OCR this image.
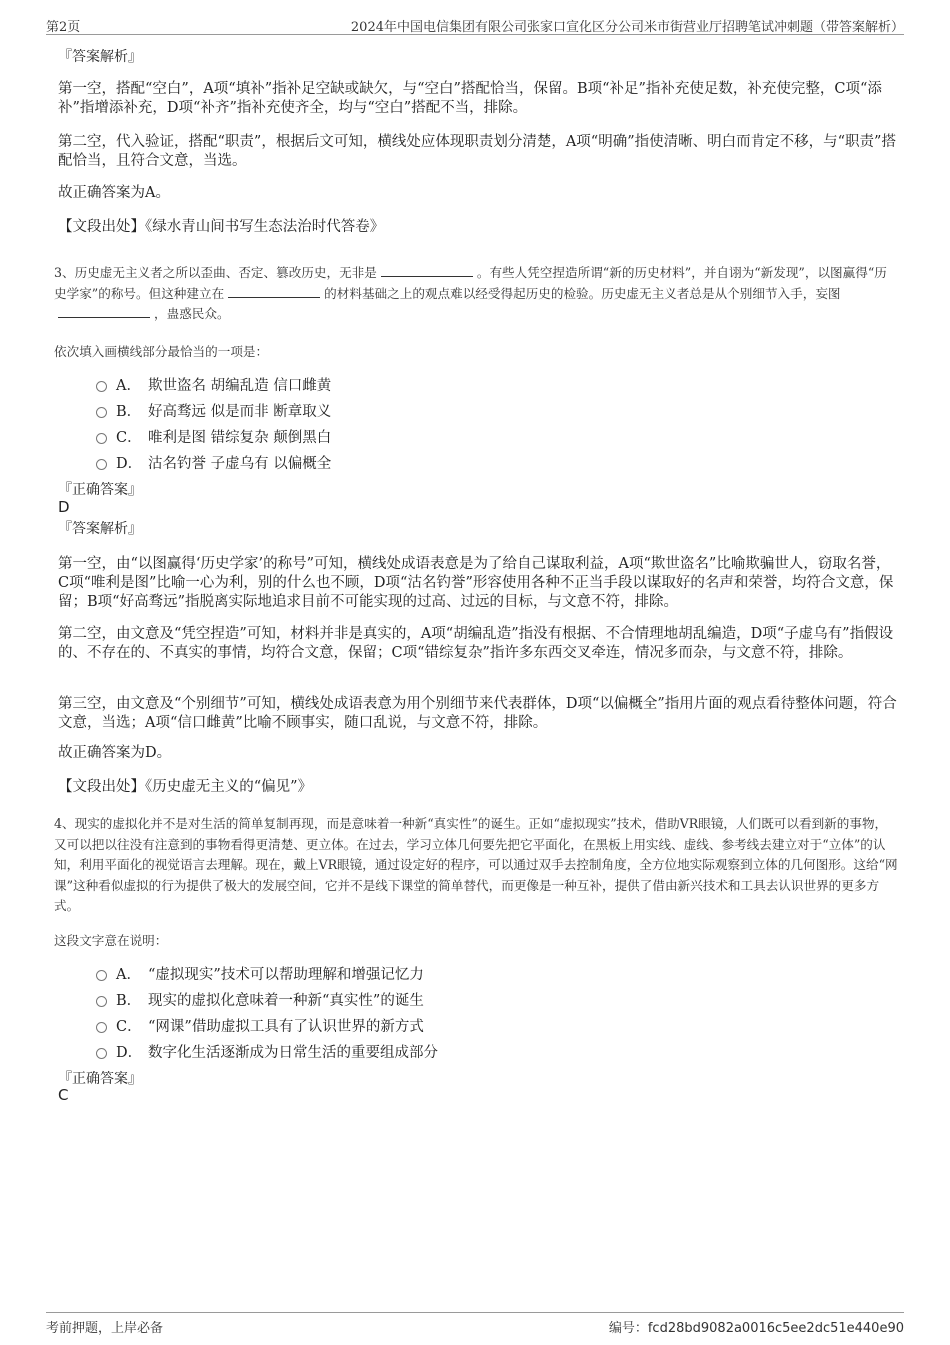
第2页	2024年中国电信集团有限公司张家口宣化区分公司米市街营业厅招聘笔试冲刺题（带答案解析）
『答案解析』
第一空，搭配“空白”，A项“填补”指补足空缺或缺欠，与“空白”搭配恰当，保留。B项“补足”指补充使足数，补充使完整，C项“添补”指增添补充，D项“补齐”指补充使齐全，均与“空白”搭配不当，排除。
第二空，代入验证，搭配“职责”，根据后文可知，横线处应体现职责划分清楚，A项“明确”指使清晰、明白而肯定不移，与“职责”搭配恰当，且符合文意，当选。
故正确答案为A。
【文段出处】《绿水青山间书写生态法治时代答卷》
3、历史虚无主义者之所以歪曲、否定、篡改历史，无非是	。有些人凭空捏造所谓“新的历史材料”，并自诩为“新发现”，以图赢得“历史学家”的称号。但这种建立在	的材料基础之上的观点难以经受得起历史的检验。历史虚无主义者总是从个别细节入手，妄图，蛊惑民众。
依次填入画横线部分最恰当的一项是：
A． 欺世盗名 胡编乱造 信口雌黄
B． 好高骛远 似是而非 断章取义
C． 唯利是图 错综复杂 颠倒黑白
D． 沽名钓誉 子虚乌有 以偏概全
『正确答案』
D
『答案解析』
第一空，由“以图赢得‘历史学家’的称号”可知，横线处成语表意是为了给自己谋取利益，A项“欺世盗名”比喻欺骗世人，窃取名誉，C项“唯利是图”比喻一心为利，别的什么也不顾，D项“沽名钓誉”形容使用各种不正当手段以谋取好的名声和荣誉，均符合文意，保留；B项“好高骛远”指脱离实际地追求目前不可能实现的过高、过远的目标，与文意不符，排除。
第二空，由文意及“凭空捏造”可知，材料并非是真实的，A项“胡编乱造”指没有根据、不合情理地胡乱编造，D项“子虚乌有”指假设的、不存在的、不真实的事情，均符合文意，保留；C项“错综复杂”指许多东西交叉牵连，情况多而杂，与文意不符，排除。
第三空，由文意及“个别细节”可知，横线处成语表意为用个别细节来代表群体，D项“以偏概全”指用片面的观点看待整体问题，符合文意，当选；A项“信口雌黄”比喻不顾事实，随口乱说，与文意不符，排除。
故正确答案为D。
【文段出处】《历史虚无主义的“偏见”》
4、现实的虚拟化并不是对生活的简单复制再现，而是意味着一种新“真实性”的诞生。正如“虚拟现实”技术，借助VR眼镜，人们既可以看到新的事物，又可以把以往没有注意到的事物看得更清楚、更立体。在过去，学习立体几何要先把它平面化，在黑板上用实线、虚线、参考线去建立对于“立体”的认知，利用平面化的视觉语言去理解。现在，戴上VR眼镜，通过设定好的程序，可以通过双手去控制角度，全方位地实际观察到立体的几何图形。这给“网课”这种看似虚拟的行为提供了极大的发展空间，它并不是线下课堂的简单替代，而更像是一种互补，提供了借由新兴技术和工具去认识世界的更多方式。
这段文字意在说明：
A． “虚拟现实”技术可以帮助理解和增强记忆力
B． 现实的虚拟化意味着一种新“真实性”的诞生
C． “网课”借助虚拟工具有了认识世界的新方式
D． 数字化生活逐渐成为日常生活的重要组成部分
『正确答案』
C
考前押题，上岸必备	编号：fcd28bd9082a0016c5ee2dc51e440e90
